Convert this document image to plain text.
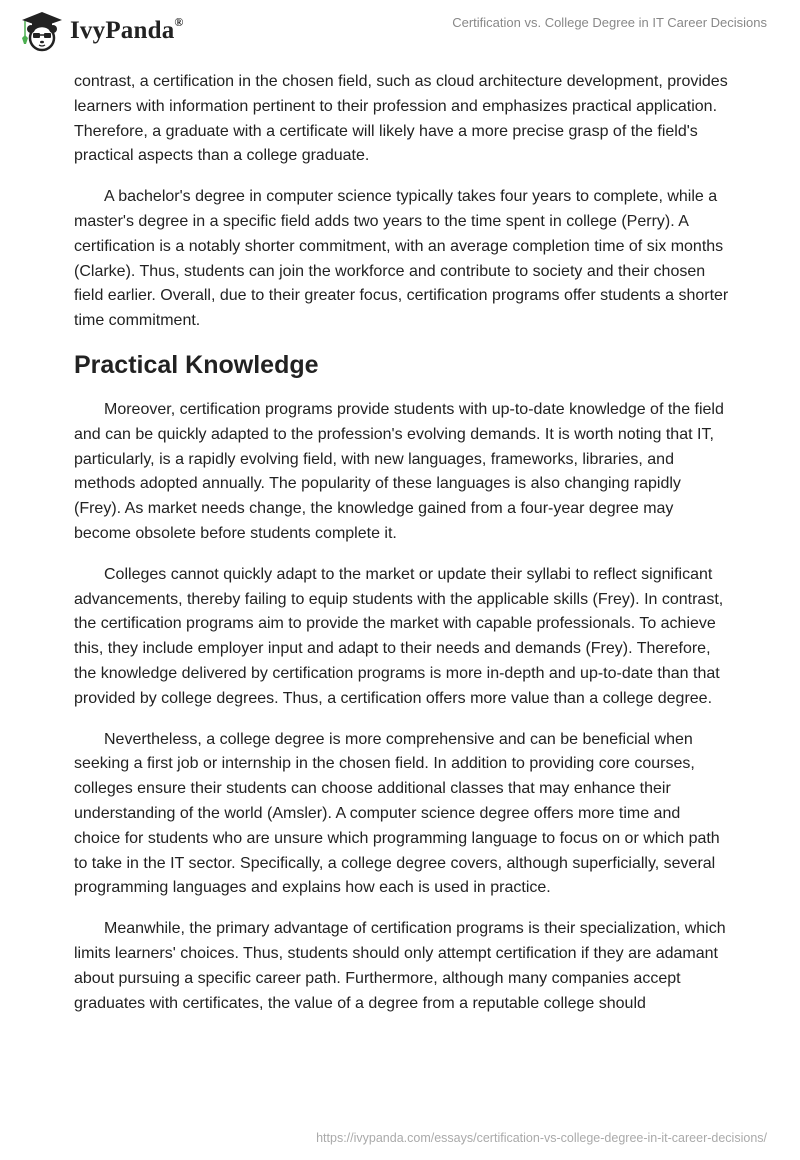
IvyPanda®	Certification vs. College Degree in IT Career Decisions

contrast, a certification in the chosen field, such as cloud architecture development, provides learners with information pertinent to their profession and emphasizes practical application. Therefore, a graduate with a certificate will likely have a more precise grasp of the field's practical aspects than a college graduate.

A bachelor's degree in computer science typically takes four years to complete, while a master's degree in a specific field adds two years to the time spent in college (Perry). A certification is a notably shorter commitment, with an average completion time of six months (Clarke). Thus, students can join the workforce and contribute to society and their chosen field earlier. Overall, due to their greater focus, certification programs offer students a shorter time commitment.

Practical Knowledge

Moreover, certification programs provide students with up-to-date knowledge of the field and can be quickly adapted to the profession's evolving demands. It is worth noting that IT, particularly, is a rapidly evolving field, with new languages, frameworks, libraries, and methods adopted annually. The popularity of these languages is also changing rapidly (Frey). As market needs change, the knowledge gained from a four-year degree may become obsolete before students complete it.

Colleges cannot quickly adapt to the market or update their syllabi to reflect significant advancements, thereby failing to equip students with the applicable skills (Frey). In contrast, the certification programs aim to provide the market with capable professionals. To achieve this, they include employer input and adapt to their needs and demands (Frey). Therefore, the knowledge delivered by certification programs is more in-depth and up-to-date than that provided by college degrees. Thus, a certification offers more value than a college degree.

Nevertheless, a college degree is more comprehensive and can be beneficial when seeking a first job or internship in the chosen field. In addition to providing core courses, colleges ensure their students can choose additional classes that may enhance their understanding of the world (Amsler). A computer science degree offers more time and choice for students who are unsure which programming language to focus on or which path to take in the IT sector. Specifically, a college degree covers, although superficially, several programming languages and explains how each is used in practice.

Meanwhile, the primary advantage of certification programs is their specialization, which limits learners' choices. Thus, students should only attempt certification if they are adamant about pursuing a specific career path. Furthermore, although many companies accept graduates with certificates, the value of a degree from a reputable college should

https://ivypanda.com/essays/certification-vs-college-degree-in-it-career-decisions/
